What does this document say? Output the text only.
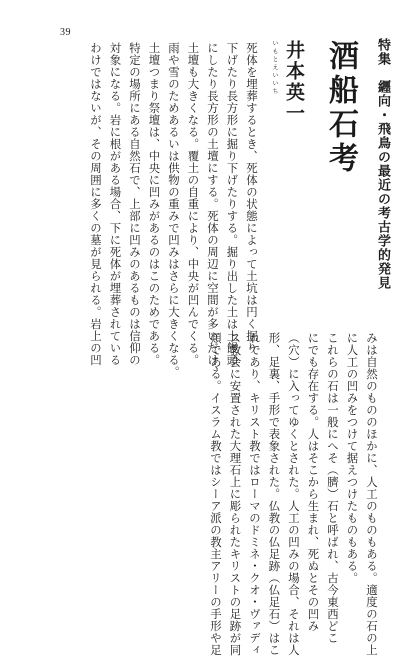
39
特集　纒向・飛鳥の最近の考古学的発見
酒船石考
いもとえいいち 井本英一

死体を埋葬するとき、死体の状態によって土坑は円く掘り

下げたり長方形に掘り下げたりする。掘り出した土は土饅頭

にしたり長方形の土壇にする。死体の周辺に空間が多いだけ、

土壇も大きくなる。覆土の自重により、中央が凹んでくる。

雨や雪のためあるいは供物の重みで凹みはさらに大きくなる。

土壇つまり祭壇は、中央に凹みがあるのはこのためである。

特定の場所にある自然石で、上部に凹みのあるものは信仰の

対象になる。岩に根がある場合、下に死体が埋葬されている

わけではないが、その周囲に多くの墓が見られる。岩上の凹

みは自然のもののほかに、人工のものもある。適度の石の上

に人工の凹みをつけて据えつけたものもある。

これらの石は一般にへそ（臍）石と呼ばれ、古今東西どこ

にでも存在する。人はそこから生まれ、死ぬとその凹み

（穴）に入ってゆくとされた。人工の凹みの場合、それは人

形、足裏、手形で表象された。仏教の仏足跡（仏足石）はこ

れであり、キリスト教ではローマのドミネ・クオ・ヴァディ

ス教会に安置された大理石上に彫られたキリストの足跡が同

類である。イスラム教ではシーア派の教主アリーの手形や足
